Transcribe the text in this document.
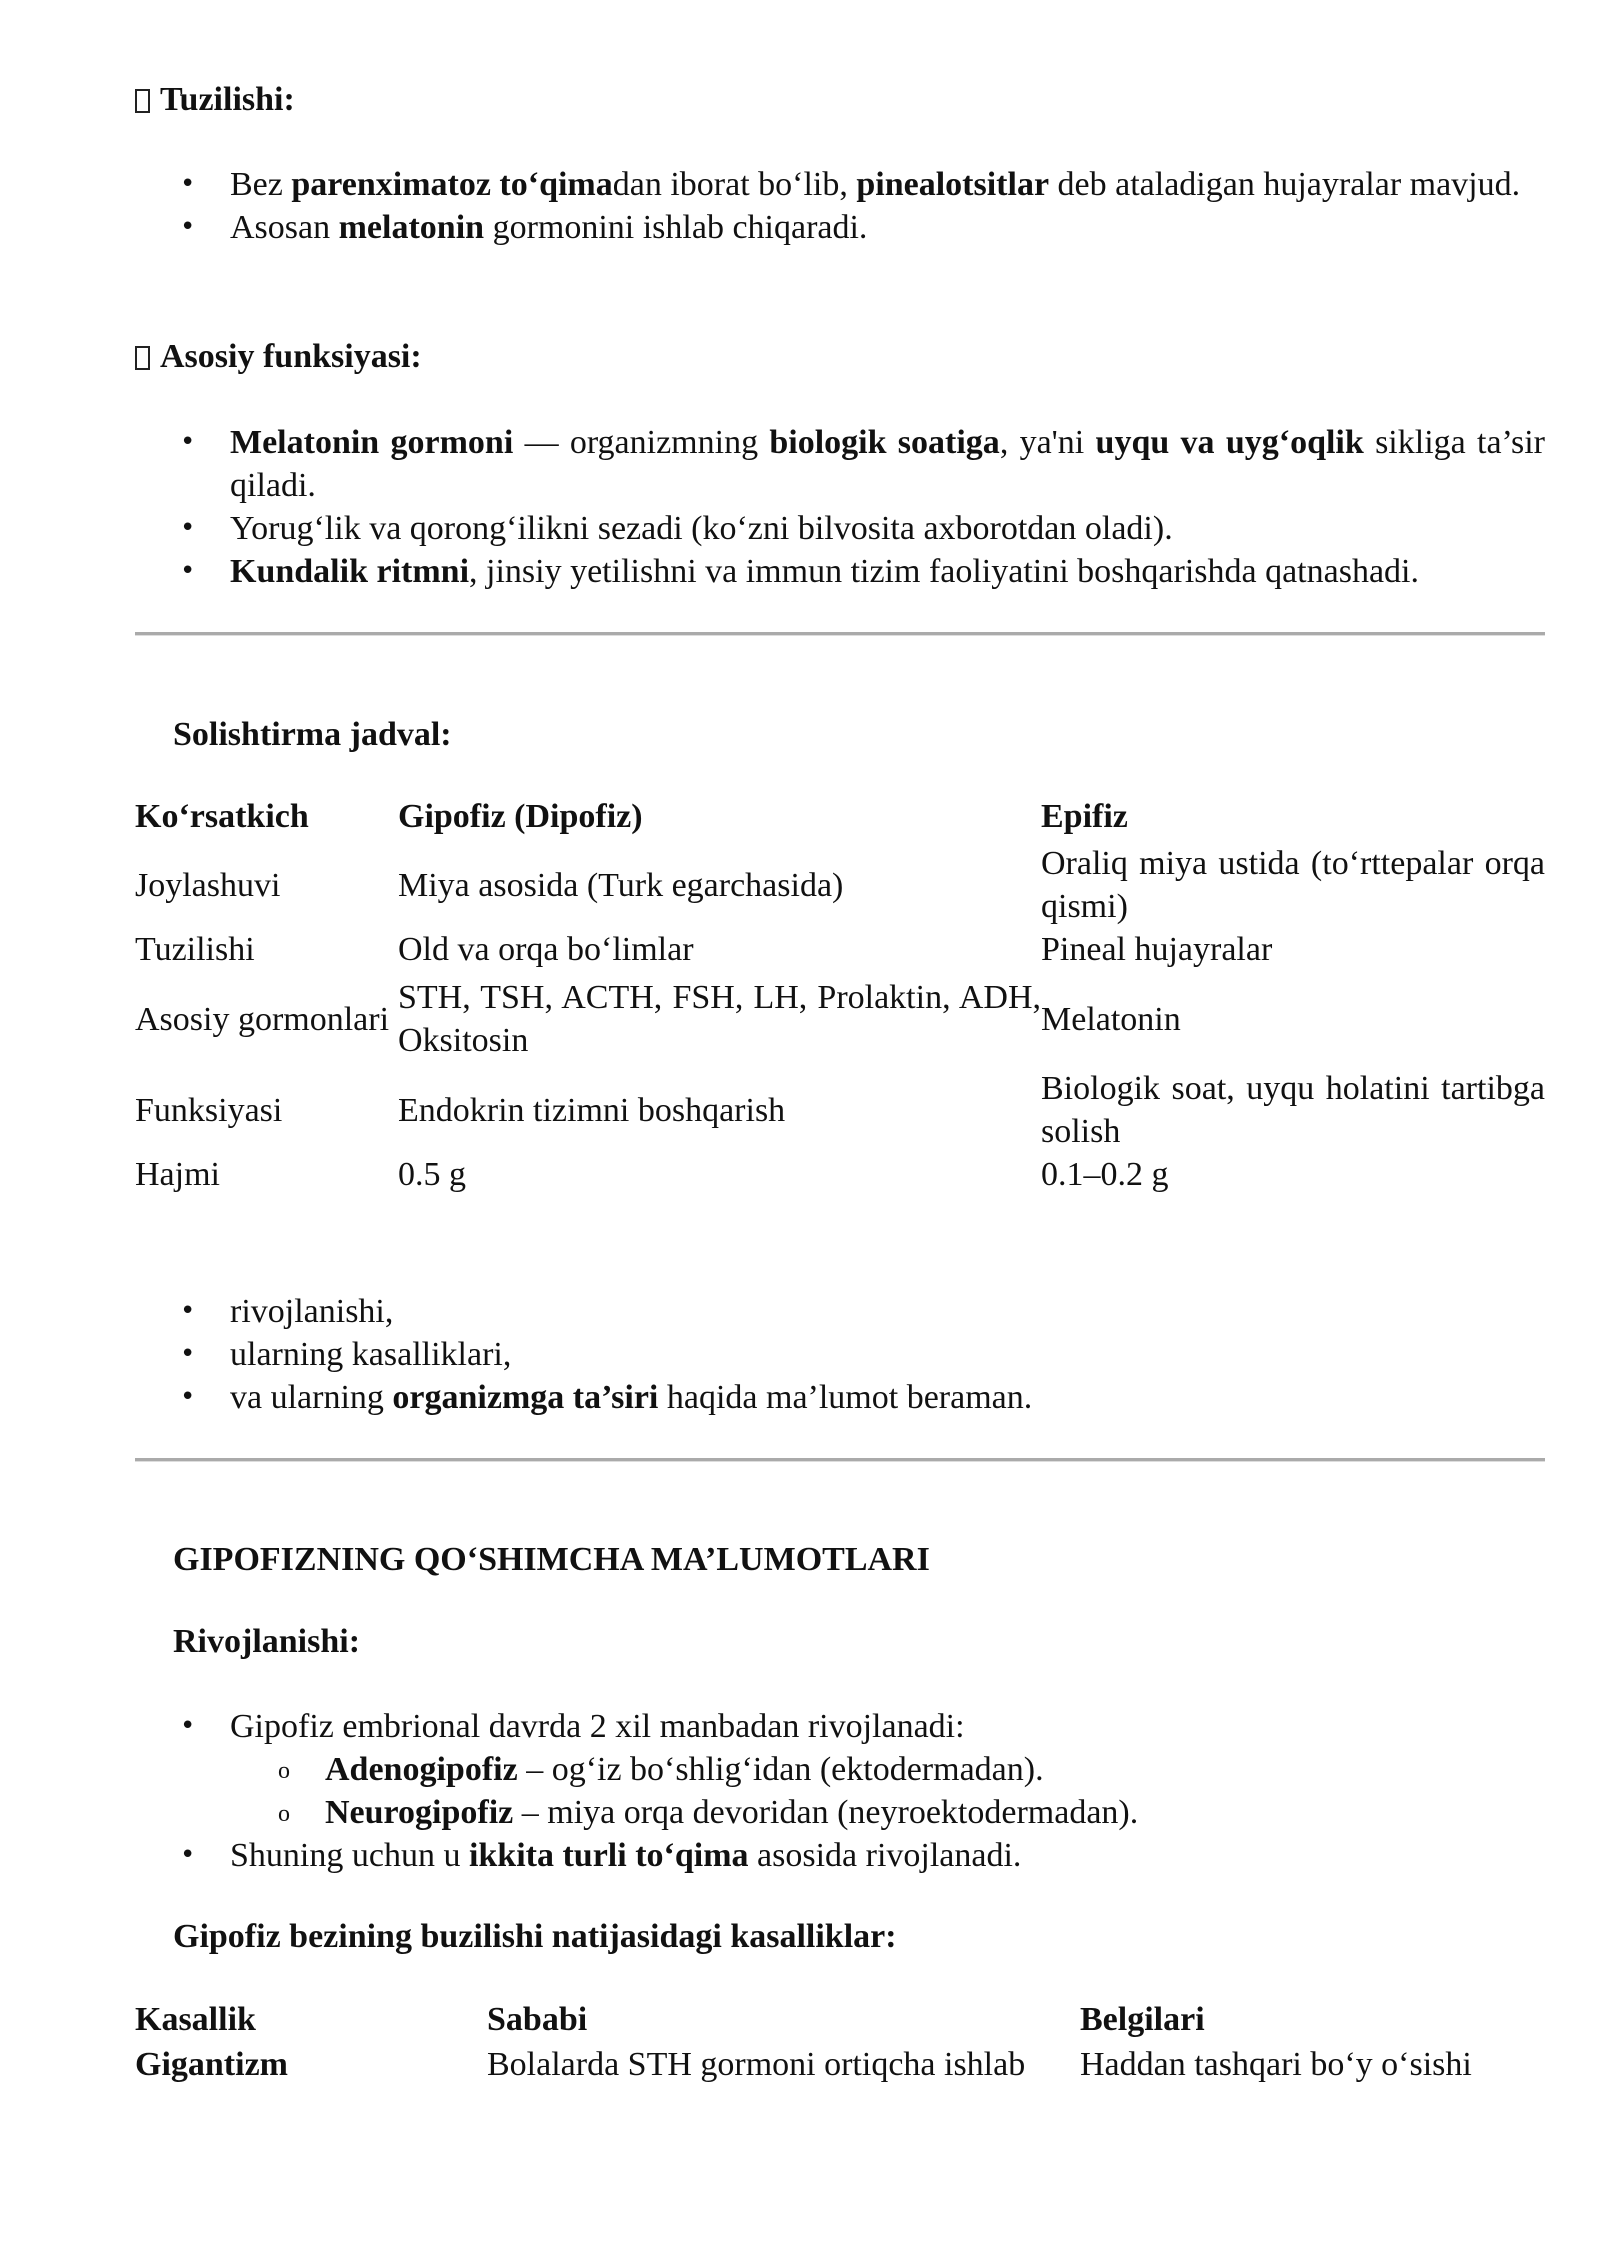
Tuzilishi:
• Bez parenximatoz to‘qimadan iborat bo‘lib, pinealotsitlar deb ataladigan hujayralar mavjud.
• Asosan melatonin gormonini ishlab chiqaradi.
Asosiy funksiyasi:
• Melatonin gormoni — organizmning biologik soatiga, ya'ni uyqu va uyg‘oqlik sikliga ta’sir qiladi.
• Yorug‘lik va qorong‘ilikni sezadi (ko‘zni bilvosita axborotdan oladi).
• Kundalik ritmni, jinsiy yetilishni va immun tizim faoliyatini boshqarishda qatnashadi.
Solishtirma jadval:
Ko‘rsatkich	Gipofiz (Dipofiz)	Epifiz
Joylashuvi	Miya asosida (Turk egarchasida)	Oraliq miya ustida (to‘rttepalar orqa qismi)
Tuzilishi	Old va orqa bo‘limlar	Pineal hujayralar
Asosiy gormonlari	STH, TSH, ACTH, FSH, LH, Prolaktin, ADH, Oksitosin	Melatonin
Funksiyasi	Endokrin tizimni boshqarish	Biologik soat, uyqu holatini tartibga solish
Hajmi	0.5 g	0.1–0.2 g
• rivojlanishi,
• ularning kasalliklari,
• va ularning organizmga ta’siri haqida ma’lumot beraman.
GIPOFIZNING QO‘SHIMCHA MA’LUMOTLARI
Rivojlanishi:
• Gipofiz embrional davrda 2 xil manbadan rivojlanadi:
o Adenogipofiz – og‘iz bo‘shlig‘idan (ektodermadan).
o Neurogipofiz – miya orqa devoridan (neyroektodermadan).
• Shuning uchun u ikkita turli to‘qima asosida rivojlanadi.
Gipofiz bezining buzilishi natijasidagi kasalliklar:
Kasallik	Sababi	Belgilari
Gigantizm	Bolalarda STH gormoni ortiqcha ishlab	Haddan tashqari bo‘y o‘sishi
